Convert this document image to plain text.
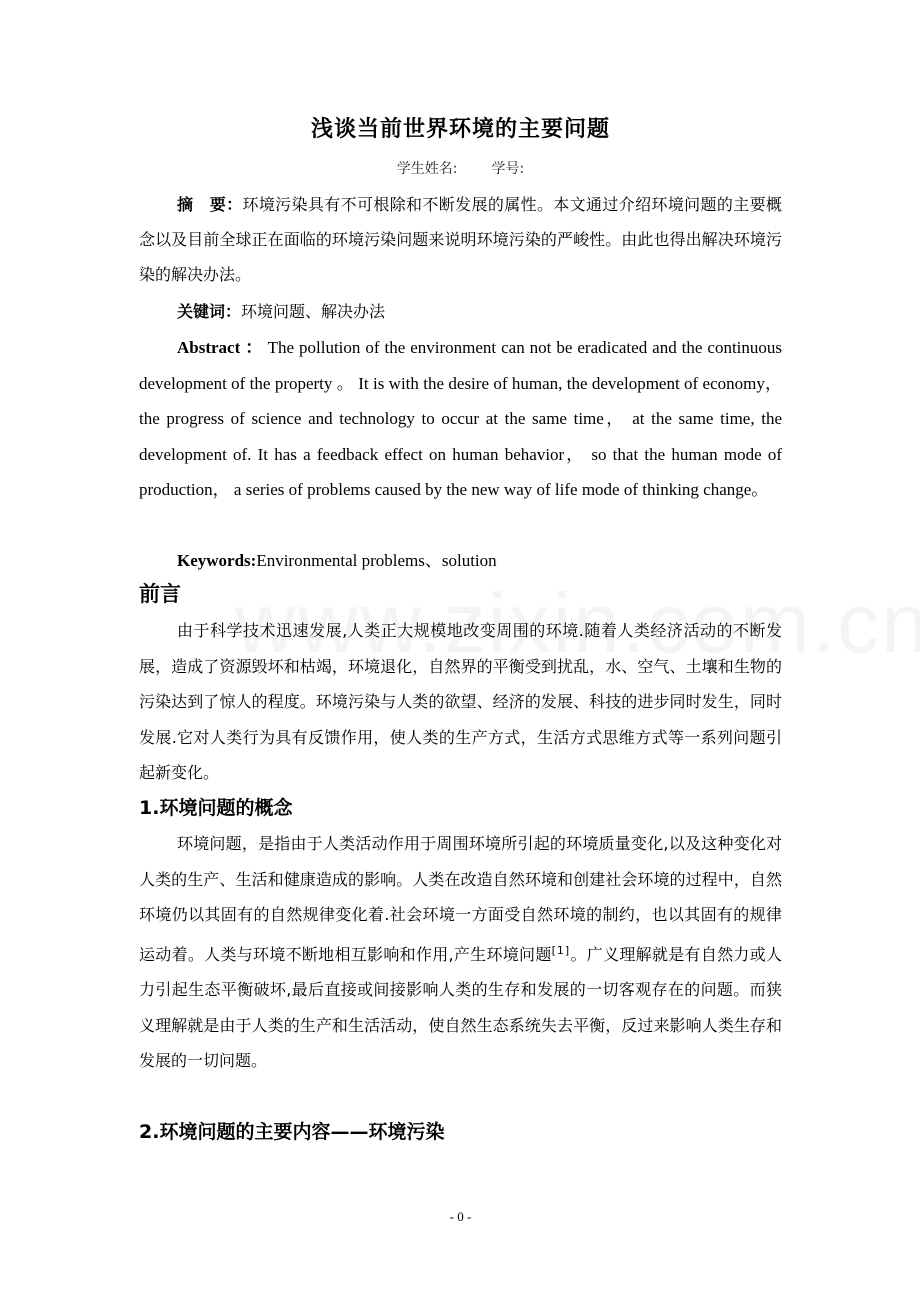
浅谈当前世界环境的主要问题
学生姓名: 学号:

摘　要：环境污染具有不可根除和不断发展的属性。本文通过介绍环境问题的主要概念以及目前全球正在面临的环境污染问题来说明环境污染的严峻性。由此也得出解决环境污染的解决办法。

关键词：环境问题、解决办法

Abstract ： The pollution of the environment can not be eradicated and the continuous development of the property 。 It is with the desire of human, the development of economy， the progress of science and technology to occur at the same time， at the same time, the development of. It has a feedback effect on human behavior， so that the human mode of production， a series of problems caused by the new way of life mode of thinking change。

Keywords:Environmental problems、solution

前言

由于科学技术迅速发展,人类正大规模地改变周围的环境.随着人类经济活动的不断发展，造成了资源毁坏和枯竭，环境退化，自然界的平衡受到扰乱，水、空气、土壤和生物的污染达到了惊人的程度。环境污染与人类的欲望、经济的发展、科技的进步同时发生，同时发展.它对人类行为具有反馈作用，使人类的生产方式，生活方式思维方式等一系列问题引起新变化。

1.环境问题的概念

环境问题，是指由于人类活动作用于周围环境所引起的环境质量变化,以及这种变化对人类的生产、生活和健康造成的影响。人类在改造自然环境和创建社会环境的过程中，自然环境仍以其固有的自然规律变化着.社会环境一方面受自然环境的制约，也以其固有的规律运动着。人类与环境不断地相互影响和作用,产生环境问题[1]。广义理解就是有自然力或人力引起生态平衡破坏,最后直接或间接影响人类的生存和发展的一切客观存在的问题。而狭义理解就是由于人类的生产和生活活动，使自然生态系统失去平衡，反过来影响人类生存和发展的一切问题。

2.环境问题的主要内容——环境污染
- 0 -
